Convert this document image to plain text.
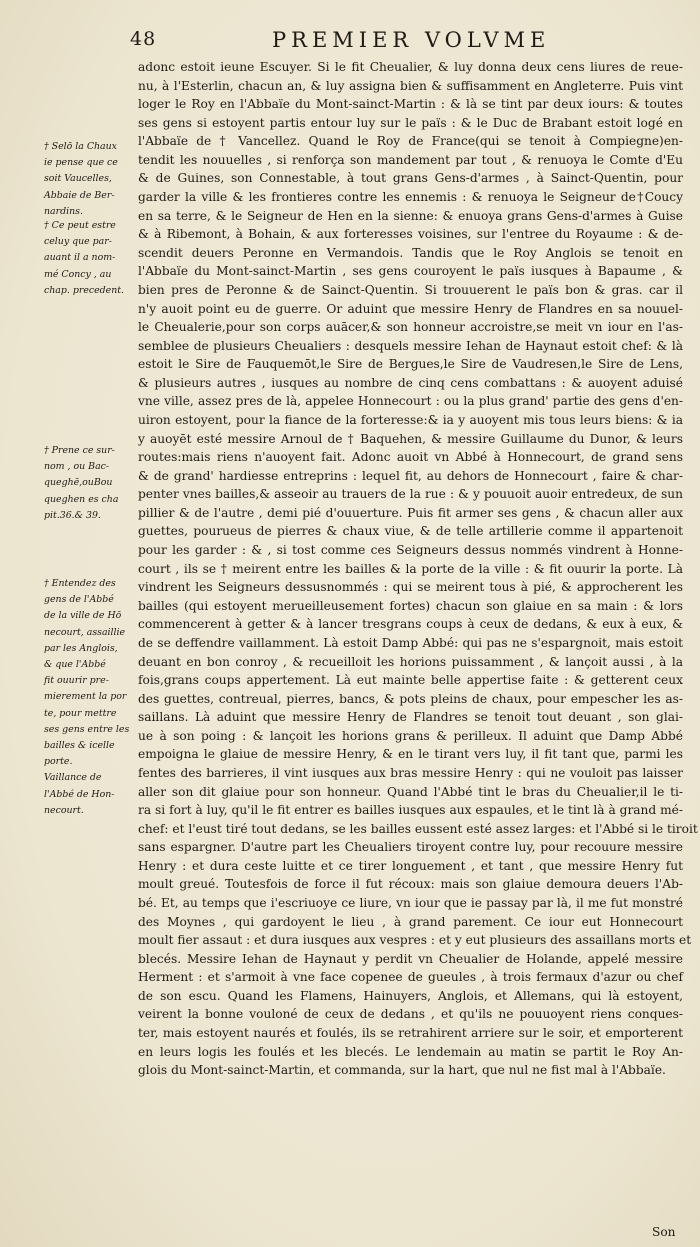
48	PREMIER VOLVME
† Selō la Chaux
ie pense que ce
soit Vaucelles,
Abbaie de Ber-
nardins.
† Ce peut estre
celuy que par-
auant il a nom-
mé Concy , au
chap. precedent.
† Prene ce sur-
nom , ou Bac-
queghē,ouBou
queghen es cha
pit.36.& 39.
† Entendez des
gens de l'Abbé
de la ville de Hō
necourt, assaillie
par les Anglois,
& que l'Abbé
fit ouurir pre-
mierement la por
te, pour mettre
ses gens entre les
bailles & icelle
porte.
Vaillance de
l'Abbé de Hon-
necourt.
adonc estoit ieune Escuyer. Si le fit Cheualier, & luy donna deux cens liures de reue-
nu, à l'Esterlin, chacun an, & luy assigna bien & suffisamment en Angleterre. Puis vint
loger le Roy en l'Abbaïe du Mont-sainct-Martin : & là se tint par deux iours: & toutes
ses gens si estoyent partis entour luy sur le païs : & le Duc de Brabant estoit logé en
l'Abbaïe de † Vancellez. Quand le Roy de France(qui se tenoit à Compiegne)en-
tendit les nouuelles , si renforça son mandement par tout , & renuoya le Comte d'Eu
& de Guines, son Connestable, à tout grans Gens-d'armes , à Sainct-Quentin, pour
garder la ville & les frontieres contre les ennemis : & renuoya le Seigneur de†Coucy
en sa terre, & le Seigneur de Hen en la sienne: & enuoya grans Gens-d'armes à Guise
& à Ribemont, à Bohain, & aux forteresses voisines, sur l'entree du Royaume : & de-
scendit deuers Peronne en Vermandois. Tandis que le Roy Anglois se tenoit en
l'Abbaïe du Mont-sainct-Martin , ses gens couroyent le païs iusques à Bapaume , &
bien pres de Peronne & de Sainct-Quentin. Si trouuerent le païs bon & gras. car il
n'y auoit point eu de guerre. Or aduint que messire Henry de Flandres en sa nouuel-
le Cheualerie,pour son corps auācer,& son honneur accroistre,se meit vn iour en l'as-
semblee de plusieurs Cheualiers : desquels messire Iehan de Haynaut estoit chef: & là
estoit le Sire de Fauquemōt,le Sire de Bergues,le Sire de Vaudresen,le Sire de Lens,
& plusieurs autres , iusques au nombre de cinq cens combattans : & auoyent aduisé
vne ville, assez pres de là, appelee Honnecourt : ou la plus grand' partie des gens d'en-
uiron estoyent, pour la fiance de la forteresse:& ia y auoyent mis tous leurs biens: & ia
y auoyēt esté messire Arnoul de † Baquehen, & messire Guillaume du Dunor, & leurs
routes:mais riens n'auoyent fait. Adonc auoit vn Abbé à Honnecourt, de grand sens
& de grand' hardiesse entreprins : lequel fit, au dehors de Honnecourt , faire & char-
penter vnes bailles,& asseoir au trauers de la rue : & y pouuoit auoir entredeux, de sun
pillier & de l'autre , demi pié d'ouuerture. Puis fit armer ses gens , & chacun aller aux
guettes, pourueus de pierres & chaux viue, & de telle artillerie comme il appartenoit
pour les garder : & , si tost comme ces Seigneurs dessus nommés vindrent à Honne-
court , ils se † meirent entre les bailles & la porte de la ville : & fit ouurir la porte. Là
vindrent les Seigneurs dessusnommés : qui se meirent tous à pié, & approcherent les
bailles (qui estoyent merueilleusement fortes) chacun son glaiue en sa main : & lors
commencerent à getter & à lancer tresgrans coups à ceux de dedans, & eux à eux, &
de se deffendre vaillamment. Là estoit Damp Abbé: qui pas ne s'espargnoit, mais estoit
deuant en bon conroy , & recueilloit les horions puissamment , & lançoit aussi , à la
fois,grans coups appertement. Là eut mainte belle appertise faite : & getterent ceux
des guettes, contreual, pierres, bancs, & pots pleins de chaux, pour empescher les as-
saillans. Là aduint que messire Henry de Flandres se tenoit tout deuant , son glai-
ue à son poing : & lançoit les horions grans & perilleux. Il aduint que Damp Abbé
empoigna le glaiue de messire Henry, & en le tirant vers luy, il fit tant que, parmi les
fentes des barrieres, il vint iusques aux bras messire Henry : qui ne vouloit pas laisser
aller son dit glaiue pour son honneur. Quand l'Abbé tint le bras du Cheualier,il le ti-
ra si fort à luy, qu'il le fit entrer es bailles iusques aux espaules, et le tint là à grand mé-
chef: et l'eust tiré tout dedans, se les bailles eussent esté assez larges: et l'Abbé si le tiroit
sans espargner. D'autre part les Cheualiers tiroyent contre luy, pour recouure messire
Henry : et dura ceste luitte et ce tirer longuement , et tant , que messire Henry fut
moult greué. Toutesfois de force il fut récoux: mais son glaiue demoura deuers l'Ab-
bé. Et, au temps que i'escriuoye ce liure, vn iour que ie passay par là, il me fut monstré
des Moynes , qui gardoyent le lieu , à grand parement. Ce iour eut Honnecourt
moult fier assaut : et dura iusques aux vespres : et y eut plusieurs des assaillans morts et
blecés. Messire Iehan de Haynaut y perdit vn Cheualier de Holande, appelé messire
Herment : et s'armoit à vne face copenee de gueules , à trois fermaux d'azur ou chef
de son escu. Quand les Flamens, Hainuyers, Anglois, et Allemans, qui là estoyent,
veirent la bonne vouloné de ceux de dedans , et qu'ils ne pouuoyent riens conques-
ter, mais estoyent naurés et foulés, ils se retrahirent arriere sur le soir, et emporterent
en leurs logis les foulés et les blecés. Le lendemain au matin se partit le Roy An-
glois du Mont-sainct-Martin, et commanda, sur la hart, que nul ne fist mal à l'Abbaïe.
Son
